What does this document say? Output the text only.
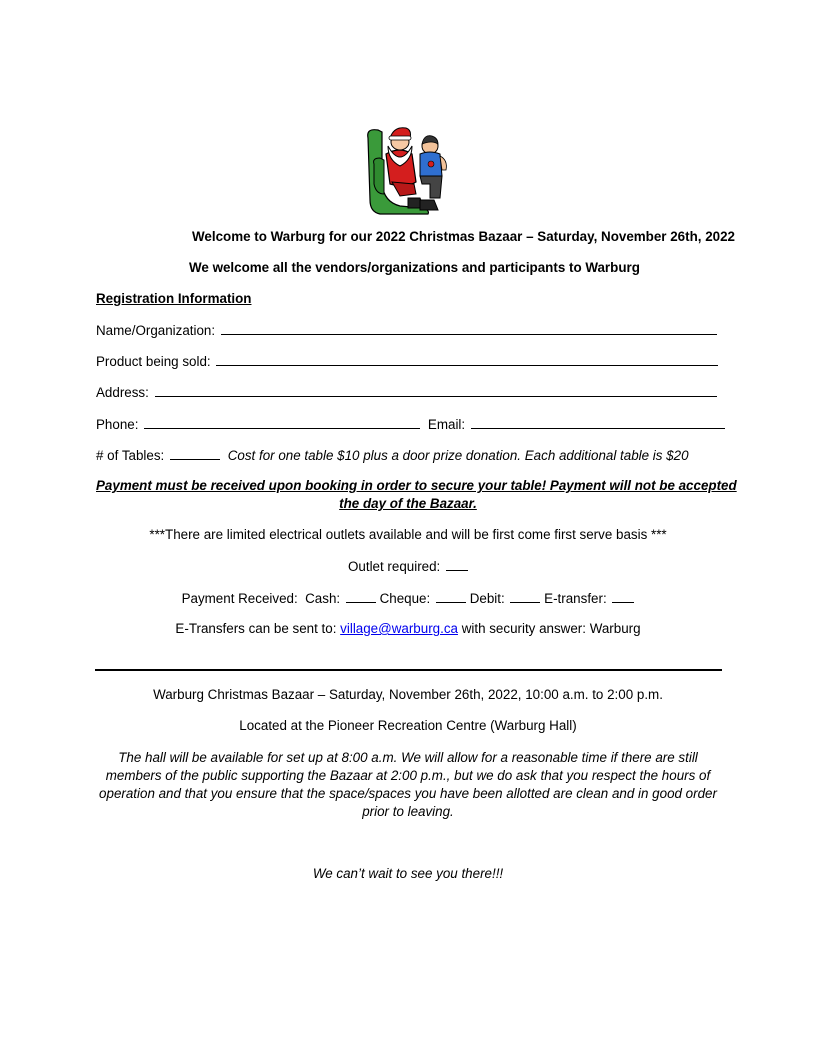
Welcome to Warburg for our 2022 Christmas Bazaar – Saturday, November 26th, 2022
We welcome all the vendors/organizations and participants to Warburg
Registration Information
Name/Organization:
Product being sold:
Address:
Phone:	Email:
# of Tables:	Cost for one table $10 plus a door prize donation. Each additional table is $20
Payment must be received upon booking in order to secure your table! Payment will not be accepted
the day of the Bazaar.
***There are limited electrical outlets available and will be first come first serve basis ***
Outlet required:
Payment Received: Cash:	Cheque:	Debit:	E-transfer:
E-Transfers can be sent to: village@warburg.ca with security answer: Warburg
Warburg Christmas Bazaar – Saturday, November 26th, 2022, 10:00 a.m. to 2:00 p.m.
Located at the Pioneer Recreation Centre (Warburg Hall)
The hall will be available for set up at 8:00 a.m. We will allow for a reasonable time if there are still members of the public supporting the Bazaar at 2:00 p.m., but we do ask that you respect the hours of operation and that you ensure that the space/spaces you have been allotted are clean and in good order prior to leaving.
We can’t wait to see you there!!!
